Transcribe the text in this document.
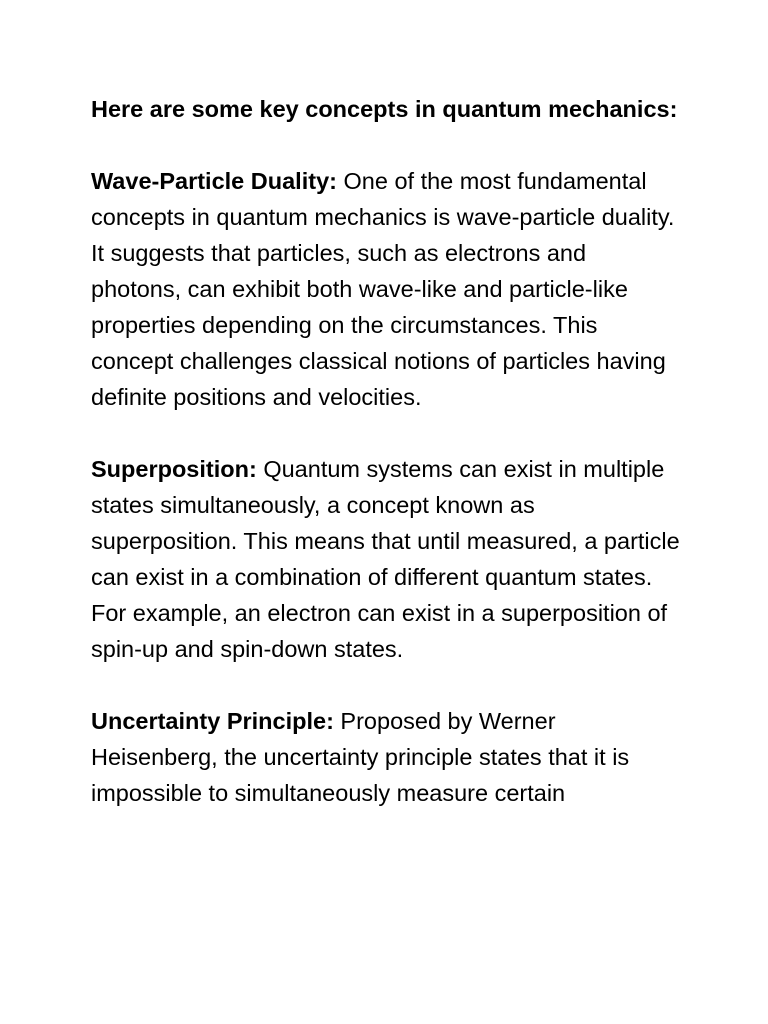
Here are some key concepts in quantum mechanics:

Wave-Particle Duality: One of the most fundamental concepts in quantum mechanics is wave-particle duality. It suggests that particles, such as electrons and photons, can exhibit both wave-like and particle-like properties depending on the circumstances. This concept challenges classical notions of particles having definite positions and velocities.

Superposition: Quantum systems can exist in multiple states simultaneously, a concept known as superposition. This means that until measured, a particle can exist in a combination of different quantum states. For example, an electron can exist in a superposition of spin-up and spin-down states.

Uncertainty Principle: Proposed by Werner Heisenberg, the uncertainty principle states that it is impossible to simultaneously measure certain
